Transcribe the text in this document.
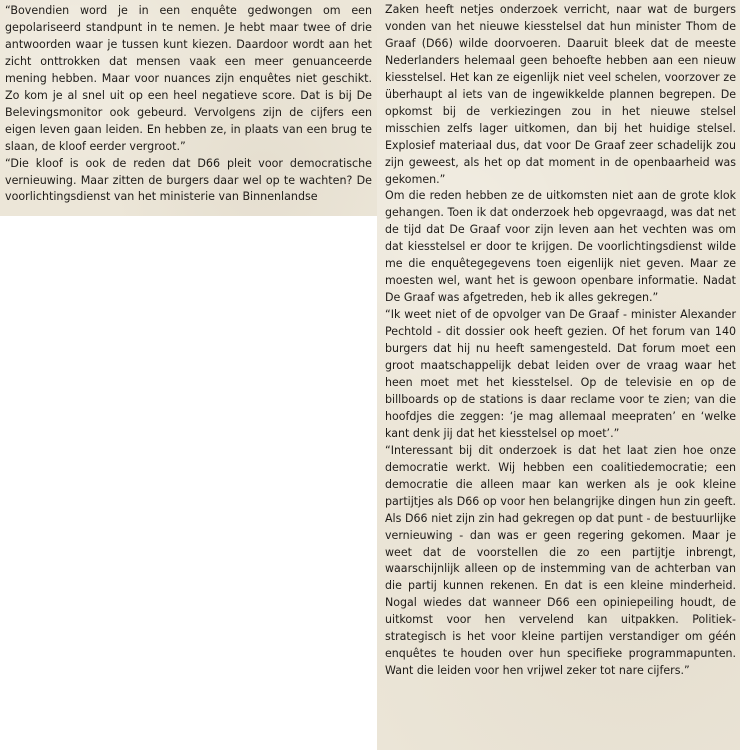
“Bovendien word je in een enquête gedwongen om een gepolariseerd standpunt in te nemen. Je hebt maar twee of drie antwoorden waar je tussen kunt kiezen. Daardoor wordt aan het zicht onttrokken dat mensen vaak een meer genuanceerde mening hebben. Maar voor nuances zijn enquêtes niet geschikt. Zo kom je al snel uit op een heel negatieve score. Dat is bij De Belevingsmonitor ook gebeurd. Vervolgens zijn de cijfers een eigen leven gaan leiden. En hebben ze, in plaats van een brug te slaan, de kloof eerder vergroot.”

“Die kloof is ook de reden dat D66 pleit voor democratische vernieuwing. Maar zitten de burgers daar wel op te wachten? De voorlichtingsdienst van het ministerie van Binnenlandse

Zaken heeft netjes onderzoek verricht, naar wat de burgers vonden van het nieuwe kiesstelsel dat hun minister Thom de Graaf (D66) wilde doorvoeren. Daaruit bleek dat de meeste Nederlanders helemaal geen behoefte hebben aan een nieuw kiesstelsel. Het kan ze eigenlijk niet veel schelen, voorzover ze überhaupt al iets van de ingewikkelde plannen begrepen. De opkomst bij de verkiezingen zou in het nieuwe stelsel misschien zelfs lager uitkomen, dan bij het huidige stelsel. Explosief materiaal dus, dat voor De Graaf zeer schadelijk zou zijn geweest, als het op dat moment in de openbaarheid was gekomen.”

Om die reden hebben ze de uitkomsten niet aan de grote klok gehangen. Toen ik dat onderzoek heb opgevraagd, was dat net de tijd dat De Graaf voor zijn leven aan het vechten was om dat kiesstelsel er door te krijgen. De voorlichtingsdienst wilde me die enquêtegegevens toen eigenlijk niet geven. Maar ze moesten wel, want het is gewoon openbare informatie. Nadat De Graaf was afgetreden, heb ik alles gekregen.”

“Ik weet niet of de opvolger van De Graaf - minister Alexander Pechtold - dit dossier ook heeft gezien. Of het forum van 140 burgers dat hij nu heeft samengesteld. Dat forum moet een groot maatschappelijk debat leiden over de vraag waar het heen moet met het kiesstelsel. Op de televisie en op de billboards op de stations is daar reclame voor te zien; van die hoofdjes die zeggen: ‘je mag allemaal meepraten’ en ‘welke kant denk jij dat het kiesstelsel op moet’.”

“Interessant bij dit onderzoek is dat het laat zien hoe onze democratie werkt. Wij hebben een coalitiedemocratie; een democratie die alleen maar kan werken als je ook kleine partijtjes als D66 op voor hen belangrijke dingen hun zin geeft. Als D66 niet zijn zin had gekregen op dat punt - de bestuurlijke vernieuwing - dan was er geen regering gekomen. Maar je weet dat de voorstellen die zo een partijtje inbrengt, waarschijnlijk alleen op de instemming van de achterban van die partij kunnen rekenen. En dat is een kleine minderheid. Nogal wiedes dat wanneer D66 een opiniepeiling houdt, de uitkomst voor hen vervelend kan uitpakken. Politiek-strategisch is het voor kleine partijen verstandiger om géén enquêtes te houden over hun specifieke programmapunten. Want die leiden voor hen vrijwel zeker tot nare cijfers.”
